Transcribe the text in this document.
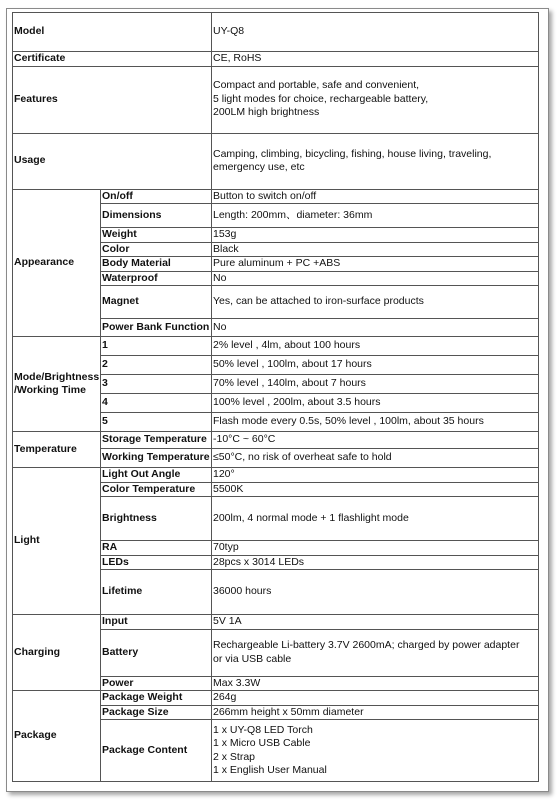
Model		UY-Q8
Certificate		CE, RoHS
Features		Compact and portable, safe and convenient,
5 light modes for choice, rechargeable battery,
200LM high brightness

Usage		Camping, climbing, bicycling, fishing, house living, traveling,
emergency use, etc

Appearance	On/off	Button to switch on/off
	Dimensions	Length: 200mm、diameter: 36mm
	Weight	153g
	Color	Black
	Body Material	Pure aluminum + PC +ABS
	Waterproof	No
	Magnet	Yes, can be attached to iron-surface products
	Power Bank Function	No

Mode/Brightness
/Working Time	1	2% level , 4lm, about 100 hours
	2	50% level , 100lm, about 17 hours
	3	70% level , 140lm, about 7 hours
	4	100% level , 200lm, about 3.5 hours
	5	Flash mode every 0.5s, 50% level , 100lm, about 35 hours
Temperature	Storage Temperature	-10°C ~ 60°C
	Working Temperature	≤50°C, no risk of overheat safe to hold
Light	Light Out Angle	120°
	Color Temperature	5500K
	Brightness	200lm, 4 normal mode + 1 flashlight mode
	RA	70typ
	LEDs	28pcs x 3014 LEDs
	Lifetime	36000 hours
Charging	Input	5V 1A
	Battery	Rechargeable Li-battery 3.7V 2600mA; charged by power adapter
or via USB cable

	Power	Max 3.3W
Package	Package Weight	264g
	Package Size	266mm height x 50mm diameter
	Package Content	1 x UY-Q8 LED Torch
1 x Micro USB Cable
2 x Strap
1 x English User Manual
